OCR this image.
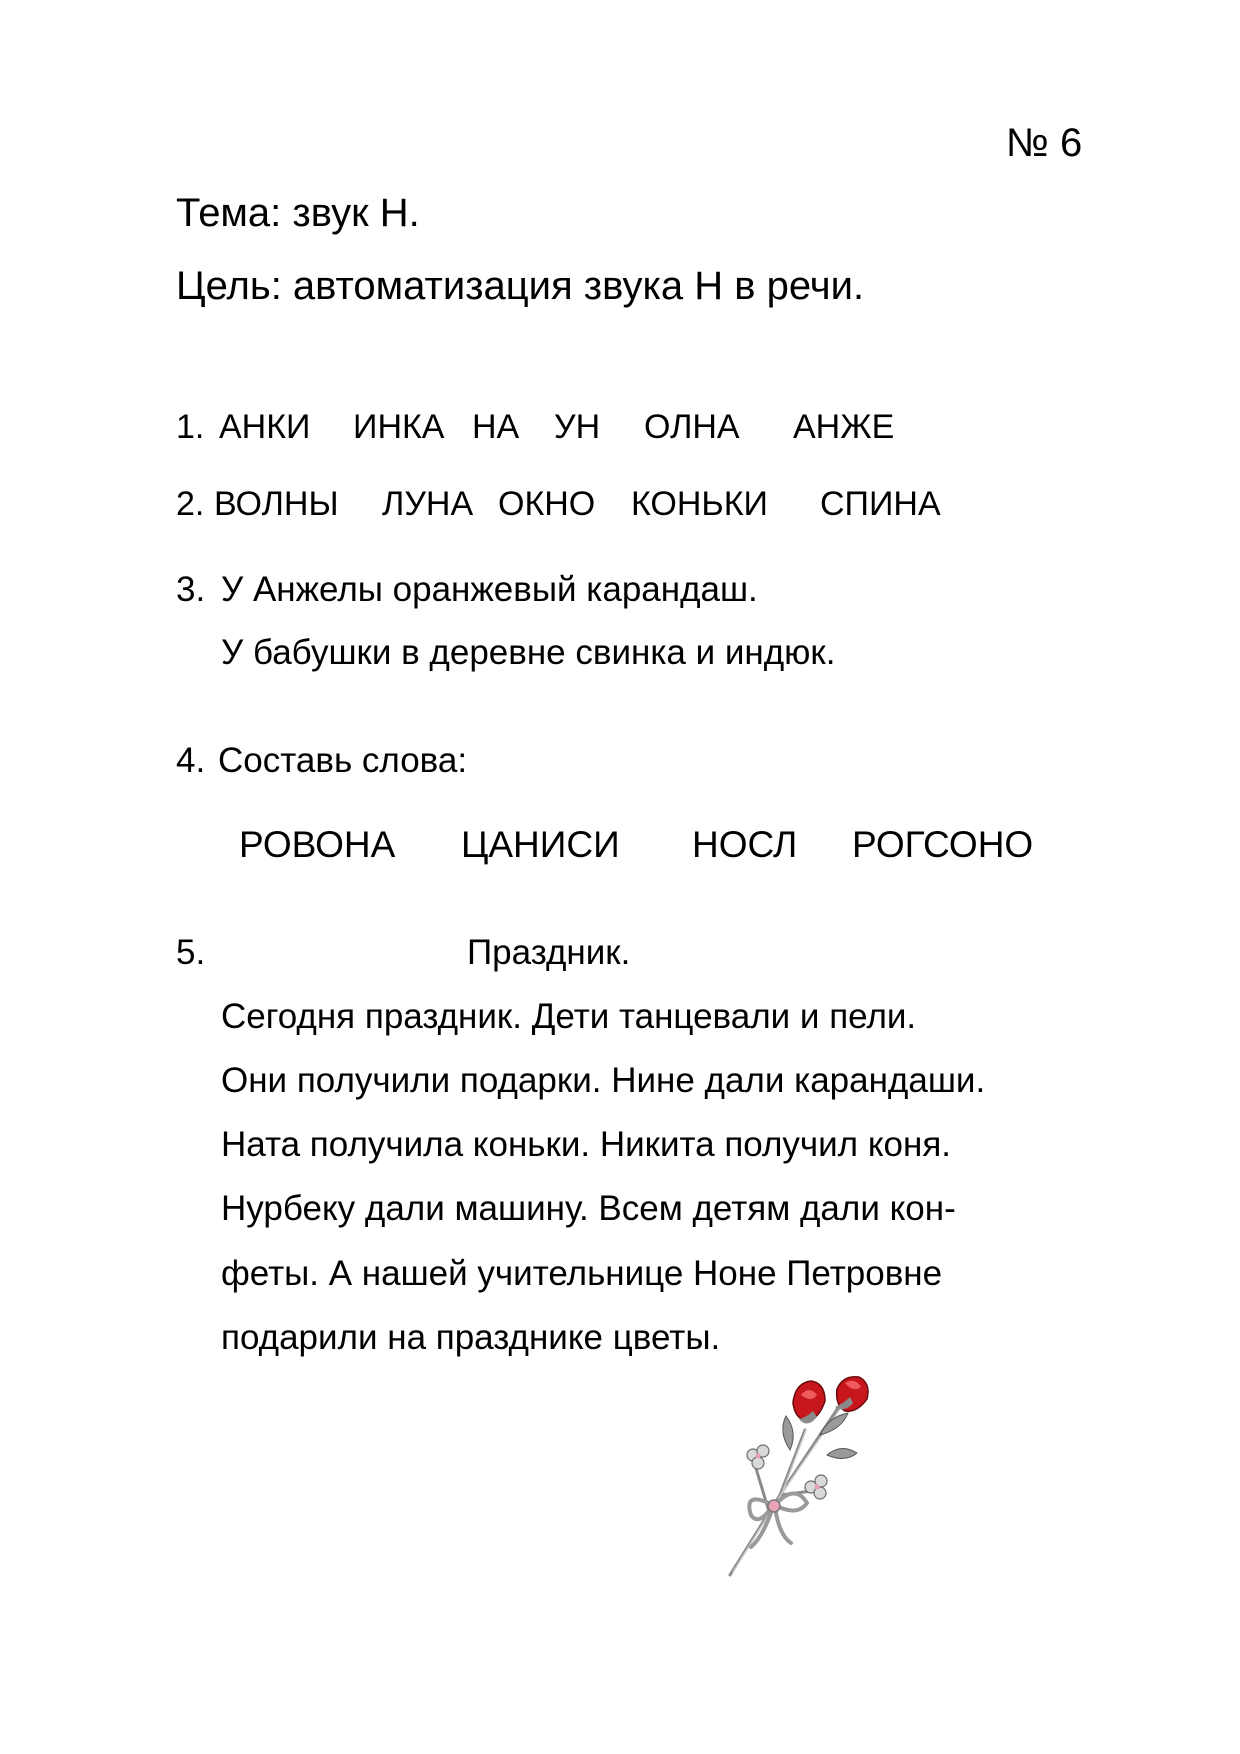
№ 6
Тема: звук Н.
Цель: автоматизация звука Н в речи.
1. АНКИ ИНКА НА УН ОЛНА АНЖЕ
2. ВОЛНЫ ЛУНА ОКНО КОНЬКИ СПИНА
3. У Анжелы оранжевый карандаш.
У бабушки в деревне свинка и индюк.
4. Составь слова:
РОВОНА ЦАНИСИ НОСЛ РОГСОНО
5.	Праздник.
Сегодня праздник. Дети танцевали и пели.
Они получили подарки. Нине дали карандаши.
Ната получила коньки. Никита получил коня.
Нурбеку дали машину. Всем детям дали кон-
феты. А нашей учительнице Ноне Петровне
подарили на празднике цветы.
